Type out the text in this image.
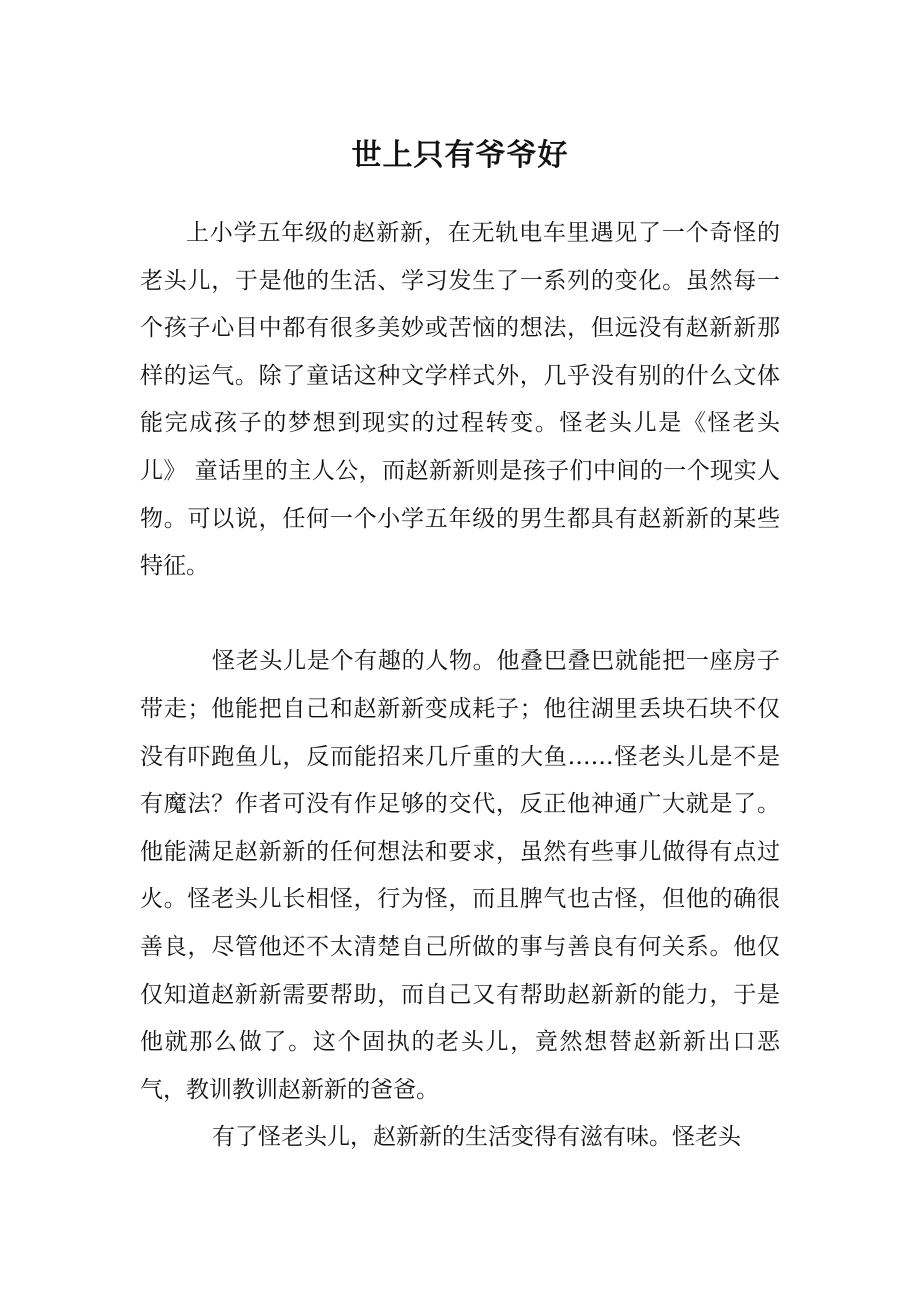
世上只有爷爷好

上小学五年级的赵新新，在无轨电车里遇见了一个奇怪的老头儿，于是他的生活、学习发生了一系列的变化。虽然每一个孩子心目中都有很多美妙或苦恼的想法，但远没有赵新新那样的运气。除了童话这种文学样式外，几乎没有别的什么文体能完成孩子的梦想到现实的过程转变。怪老头儿是《怪老头儿》 童话里的主人公，而赵新新则是孩子们中间的一个现实人物。可以说，任何一个小学五年级的男生都具有赵新新的某些特征。

怪老头儿是个有趣的人物。他叠巴叠巴就能把一座房子带走；他能把自己和赵新新变成耗子；他往湖里丢块石块不仅没有吓跑鱼儿，反而能招来几斤重的大鱼……怪老头儿是不是有魔法？作者可没有作足够的交代，反正他神通广大就是了。他能满足赵新新的任何想法和要求，虽然有些事儿做得有点过火。怪老头儿长相怪，行为怪，而且脾气也古怪，但他的确很善良，尽管他还不太清楚自己所做的事与善良有何关系。他仅仅知道赵新新需要帮助，而自己又有帮助赵新新的能力，于是他就那么做了。这个固执的老头儿，竟然想替赵新新出口恶气，教训教训赵新新的爸爸。

有了怪老头儿，赵新新的生活变得有滋有味。怪老头
